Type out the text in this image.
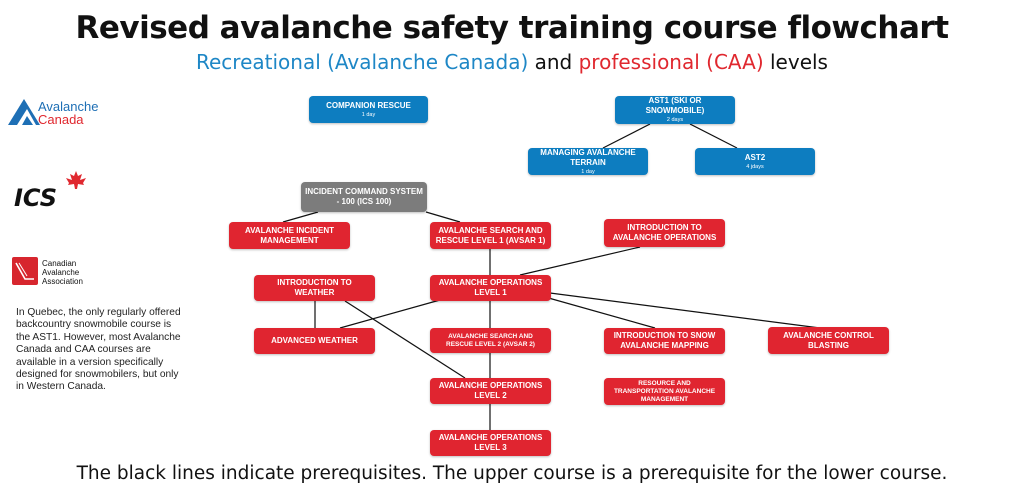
Revised avalanche safety training course flowchart
Recreational (Avalanche Canada) and professional (CAA) levels
Avalanche
Canada
ICS
Canadian
Avalanche
Association
In Quebec, the only regularly offered backcountry snowmobile course is the AST1. However, most Avalanche Canada and CAA courses are available in a version specifically designed for snowmobilers, but only in Western Canada.
COMPANION RESCUE
1 day
AST1 (SKI OR SNOWMOBILE)
2 days
MANAGING AVALANCHE TERRAIN
1 day
AST2
4 jdays
INCIDENT COMMAND SYSTEM - 100 (ICS 100)
AVALANCHE INCIDENT MANAGEMENT
AVALANCHE SEARCH AND RESCUE LEVEL 1 (AVSAR 1)
INTRODUCTION TO AVALANCHE OPERATIONS
INTRODUCTION TO WEATHER
AVALANCHE OPERATIONS LEVEL 1
ADVANCED WEATHER	AVALANCHE SEARCH AND RESCUE LEVEL 2 (AVSAR 2)
INTRODUCTION TO SNOW AVALANCHE MAPPING
AVALANCHE CONTROL BLASTING
RESOURCE AND TRANSPORTATION AVALANCHE MANAGEMENT
AVALANCHE OPERATIONS LEVEL 2
AVALANCHE OPERATIONS LEVEL 3
The black lines indicate prerequisites. The upper course is a prerequisite for the lower course.
